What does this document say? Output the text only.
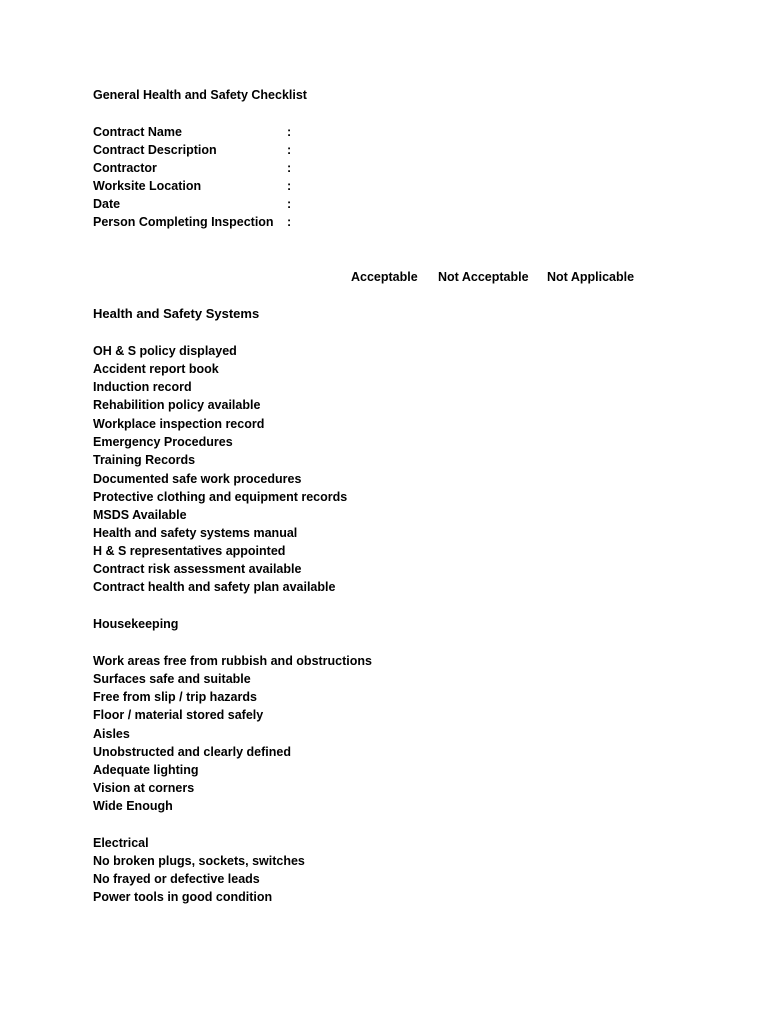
General Health and Safety Checklist
Contract Name	:
Contract Description	:
Contractor	:
Worksite Location	:
Date	:
Person Completing Inspection :
Acceptable Not Acceptable Not Applicable
Health and Safety Systems
OH & S policy displayed
Accident report book
Induction record
Rehabilition policy available
Workplace inspection record
Emergency Procedures
Training Records
Documented safe work procedures
Protective clothing and equipment records
MSDS Available
Health and safety systems manual
H & S representatives appointed
Contract risk assessment available
Contract health and safety plan available
Housekeeping
Work areas free from rubbish and obstructions
Surfaces safe and suitable
Free from slip / trip hazards
Floor / material stored safely
Aisles
Unobstructed and clearly defined
Adequate lighting
Vision at corners
Wide Enough
Electrical
No broken plugs, sockets, switches
No frayed or defective leads
Power tools in good condition
